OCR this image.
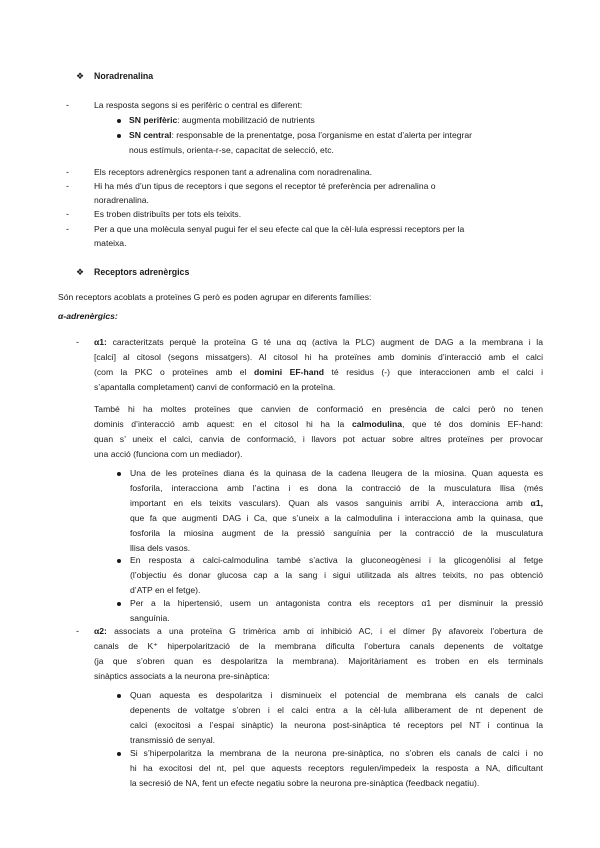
❖ Noradrenalina
-	La resposta segons si es perifèric o central es diferent:
SN perifèric: augmenta mobilització de nutrients
SN central: responsable de la prenentatge, posa l’organisme en estat d’alerta per integrar
nous estímuls, orienta-r-se, capacitat de selecció, etc.
-	Els receptors adrenèrgics responen tant a adrenalina com noradrenalina.
-	Hi ha més d’un tipus de receptors i que segons el receptor té preferència per adrenalina o
noradrenalina.
-	Es troben distribuïts per tots els teixits.
-	Per a que una molècula senyal pugui fer el seu efecte cal que la cèl·lula espressi receptors per la
mateixa.
❖ Receptors adrenèrgics
Són receptors acoblats a proteïnes G però es poden agrupar en diferents famílies:
α-adrenèrgics:
- α1: caracteritzats perquè la proteïna G té una αq (activa la PLC) augment de DAG a la membrana i la
[calci] al citosol (segons missatgers). Al citosol hi ha proteïnes amb dominis d’interacció amb el calci
(com la PKC o proteïnes amb el domini EF-hand té residus (-) que interaccionen amb el calci i
s’apantalla completament) canvi de conformació en la proteïna.
També hi ha moltes proteïnes que canvien de conformació en presència de calci però no tenen
dominis d’interacció amb aquest: en el citosol hi ha la calmodulina, que té dos dominis EF-hand:
quan s’ uneix el calci, canvia de conformació, i llavors pot actuar sobre altres proteïnes per provocar
una acció (funciona com un mediador).
Una de les proteïnes diana és la quinasa de la cadena lleugera de la miosina. Quan aquesta es
fosforila, interacciona amb l’actina i es dona la contracció de la musculatura llisa (més
important en els teixits vasculars). Quan als vasos sanguinis arribi A, interacciona amb α1,
que fa que augmenti DAG i Ca, que s’uneix a la calmodulina i interacciona amb la quinasa, que
fosforila la miosina augment de la pressió sanguínia per la contracció de la musculatura
llisa dels vasos.
En resposta a calci-calmodulina també s’activa la gluconeogènesi i la glicogenòlisi al fetge
(l’objectiu és donar glucosa cap a la sang i sigui utilitzada als altres teixits, no pas obtenció
d’ATP en el fetge).
Per a la hipertensió, usem un antagonista contra els receptors α1 per disminuir la pressió
sanguínia.
- α2: associats a una proteïna G trimèrica amb αi inhibició AC, i el dímer βγ afavoreix l’obertura de
canals de K⁺ hiperpolarització de la membrana dificulta l’obertura canals depenents de voltatge
(ja que s’obren quan es despolaritza la membrana). Majoritàriament es troben en els terminals
sinàptics associats a la neurona pre-sinàptica:
Quan aquesta es despolaritza i disminueix el potencial de membrana els canals de calci
depenents de voltatge s’obren i el calci entra a la cèl·lula alliberament de nt depenent de
calci (exocitosi a l’espai sinàptic) la neurona post-sinàptica té receptors pel NT i continua la
transmissió de senyal.
Si s’hiperpolaritza la membrana de la neurona pre-sinàptica, no s’obren els canals de calci i no
hi ha exocitosi del nt, pel que aquests receptors regulen/impedeix la resposta a NA, dificultant
la secresió de NA, fent un efecte negatiu sobre la neurona pre-sinàptica (feedback negatiu).
